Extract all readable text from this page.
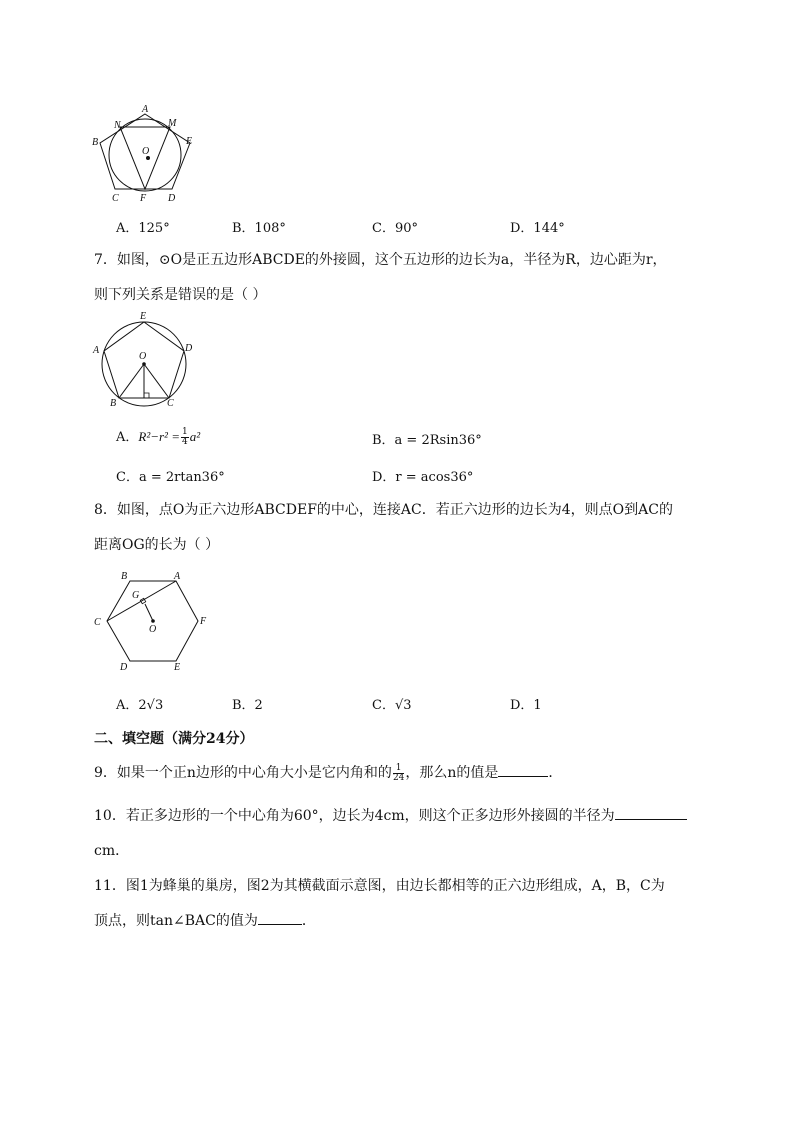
A
N	M
B	E
O
C F D
A．125°	B．108°	C．90°	D．144°
7．如图，⊙O是正五边形ABCDE的外接圆，这个五边形的边长为a，半径为R，边心距为r，
则下列关系是错误的是（ ）
E
A	D
O
B	C
A．$R^2-r^2 = \frac{1}{4} a^2$	B．a = 2Rsin36°
C．a = 2rtan36°	D．r = acos36°
8．如图，点O为正六边形ABCDEF的中心，连接AC．若正六边形的边长为4，则点O到AC的
距离OG的长为（ ）
B	A
G
C
O
F
D	E
A．2√3	B．2	C．√3	D．1
二、填空题（满分24分）
9．如果一个正n边形的中心角大小是它内角和的 $\frac{1}{24}$ ，那么n的值是	．
10．若正多边形的一个中心角为60°，边长为4cm，则这个正多边形外接圆的半径为
cm．
11．图1为蜂巢的巢房，图2为其横截面示意图，由边长都相等的正六边形组成，A，B，C为
顶点，则tan∠BAC的值为	．
